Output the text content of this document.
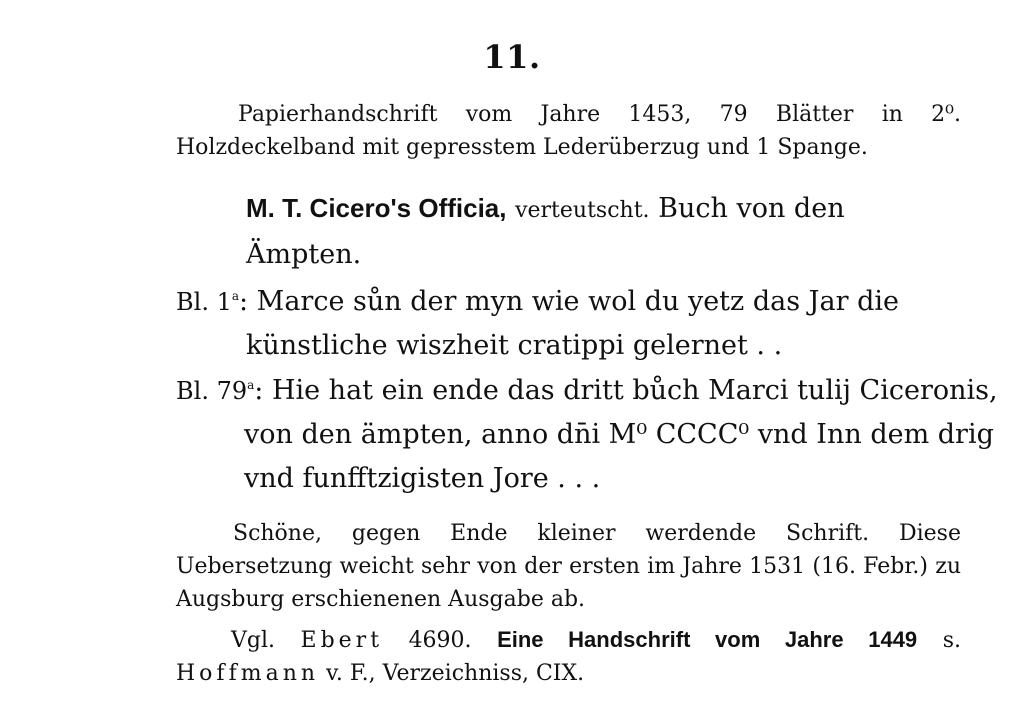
11.
Papierhandschrift vom Jahre 1453, 79 Blätter in 2⁰. Holzdeckelband mit gepresstem Lederüberzug und 1 Spange.
M. T. Cicero's Officia, verteutscht. Buch von den Ämpten.
Bl. 1$^a$: Marce sůn der myn wie wol du yetz das Jar die künstliche wiszheit cratippi gelernet . .
Bl. 79$^a$: Hie hat ein ende das dritt bůch Marci tulij Ciceronis, von den ämpten, anno dn̄i M⁰ CCCC⁰ vnd Inn dem drig vnd funfftzigisten Jore . . .
Schöne, gegen Ende kleiner werdende Schrift. Diese Uebersetzung weicht sehr von der ersten im Jahre 1531 (16. Febr.) zu Augsburg erschienenen Ausgabe ab.
Vgl. Ebert 4690. Eine Handschrift vom Jahre 1449 s. Hoffmann v. F., Verzeichniss, CIX.
